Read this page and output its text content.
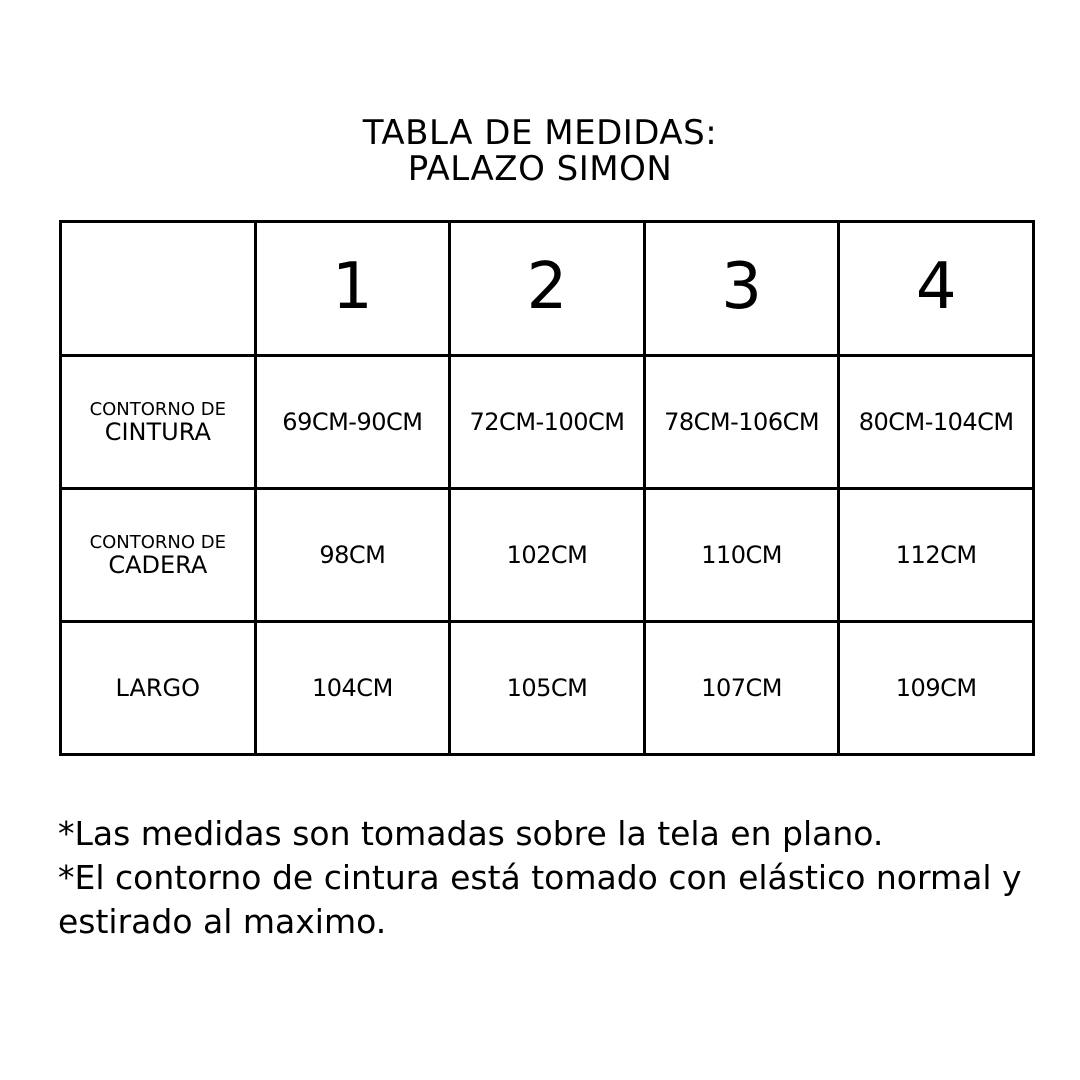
TABLA DE MEDIDAS:
PALAZO SIMON
	1	2	3	4

CONTORNO DE
CINTURA	69CM-90CM	72CM-100CM	78CM-106CM	80CM-104CM

CONTORNO DE
CADERA	98CM	102CM	110CM	112CM
LARGO	104CM	105CM	107CM	109CM

*Las medidas son tomadas sobre la tela en plano.

*El contorno de cintura está tomado con elástico normal y estirado al maximo.
